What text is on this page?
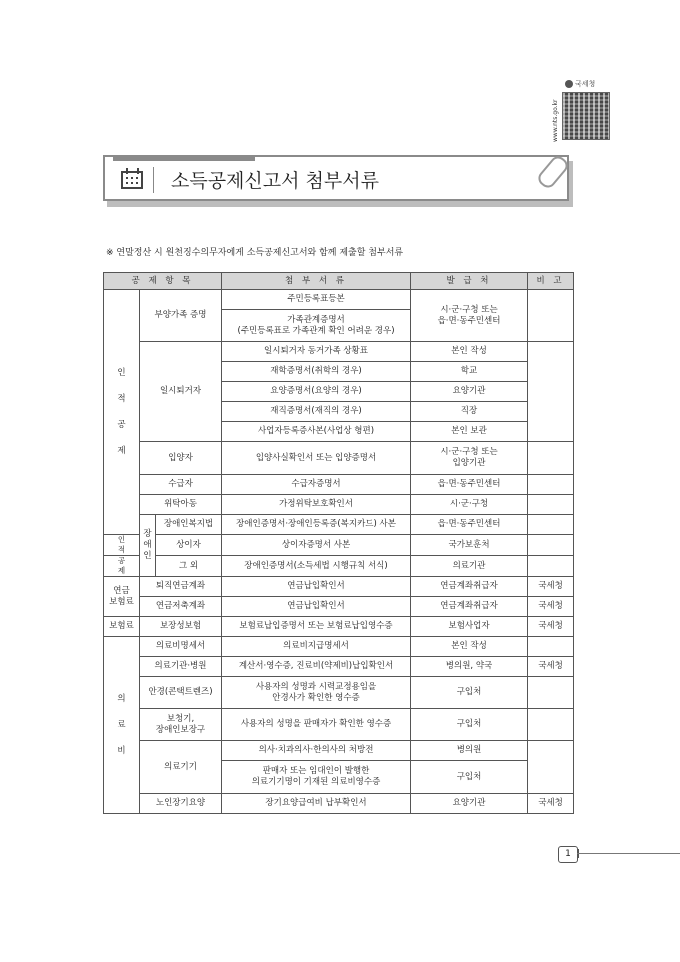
www.nts.go.kr
국세청
소득공제신고서 첨부서류
※ 연말정산 시 원천징수의무자에게 소득공제신고서와 함께 제출할 첨부서류
공 제 항 목			첨 부 서 류	발 급 처	비 고
인
적
공
제	부양가족 증명		주민등록표등본	시·군·구청 또는
읍·면·동주민센터	
			가족관계증명서
(주민등록표로 가족관계 확인 어려운 경우)		
	일시퇴거자		일시퇴거자 동거가족 상황표	본인 작성	
			재학증명서(취학의 경우)	학교	
			요양증명서(요양의 경우)	요양기관	
			재직증명서(재직의 경우)	직장	
			사업자등록증사본(사업상 형편)	본인 보관	
	입양자		입양사실확인서 또는 입양증명서	시·군·구청 또는
입양기관	
	수급자		수급자증명서	읍·면·동주민센터	
	위탁아동		가정위탁보호확인서	시·군·구청	
	장
애
인	장애인복지법	장애인증명서·장애인등록증(복지카드) 사본	읍·면·동주민센터	
인
적		상이자	상이자증명서 사본	국가보훈처	
공
제		그 외	장애인증명서(소득세법 시행규칙 서식)	의료기관	
연금
보험료	퇴직연금계좌		연금납입확인서	연금계좌취급자	국세청
	연금저축계좌		연금납입확인서	연금계좌취급자	국세청
보험료	보장성보험		보험료납입증명서 또는 보험료납입영수증	보험사업자	국세청
의
료
비	의료비명세서		의료비지급명세서	본인 작성	
	의료기관·병원		계산서·영수증, 진료비(약제비)납입확인서	병의원, 약국	국세청
	안경(콘택트렌즈)		사용자의 성명과 시력교정용임을
안경사가 확인한 영수증	구입처	
	보청기,
장애인보장구		사용자의 성명을 판매자가 확인한 영수증	구입처	
	의료기기		의사·치과의사·한의사의 처방전	병의원	
			판매자 또는 임대인이 발행한
의료기기명이 기재된 의료비영수증	구입처	
	노인장기요양		장기요양급여비 납부확인서	요양기관	국세청
1
